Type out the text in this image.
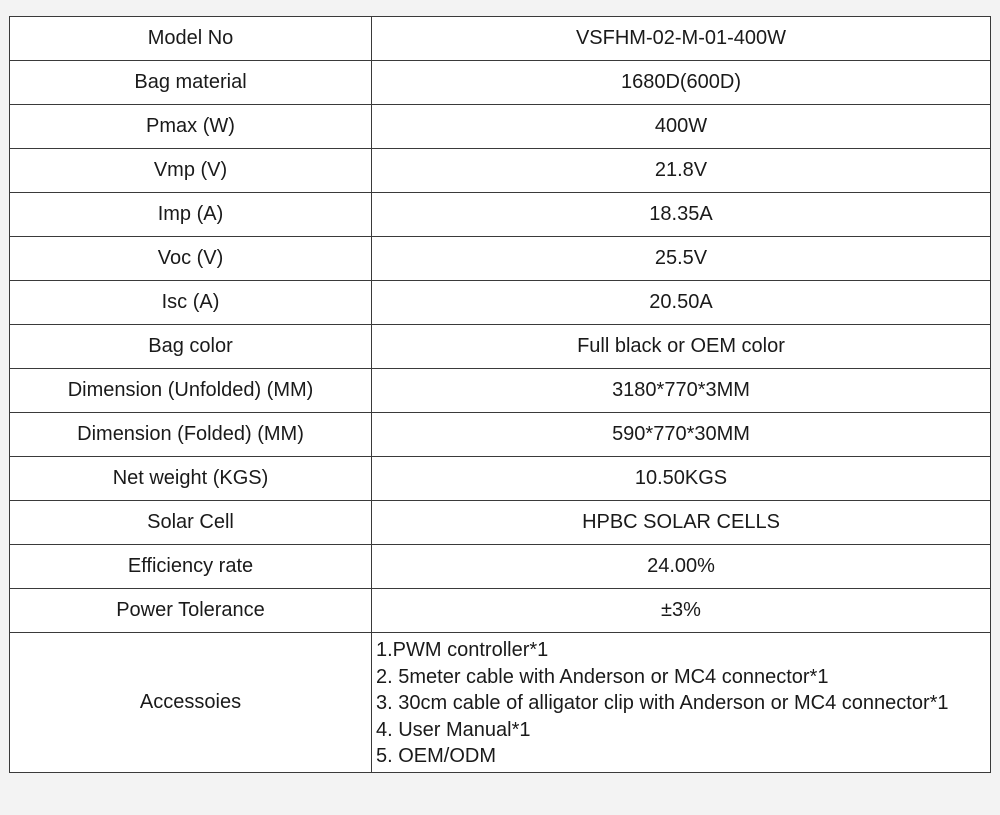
Model No	VSFHM-02-M-01-400W
Bag material	1680D(600D)
Pmax (W)	400W
Vmp (V)	21.8V
Imp (A)	18.35A
Voc (V)	25.5V
Isc (A)	20.50A
Bag color	Full black or OEM color
Dimension (Unfolded) (MM)	3180*770*3MM
Dimension (Folded) (MM)	590*770*30MM
Net weight (KGS)	10.50KGS
Solar Cell	HPBC SOLAR CELLS
Efficiency rate	24.00%
Power Tolerance	±3%
Accessoies	1.PWM controller*1
2. 5meter cable with Anderson or MC4 connector*1
3. 30cm cable of alligator clip with Anderson or MC4 connector*1
4. User Manual*1
5. OEM/ODM
